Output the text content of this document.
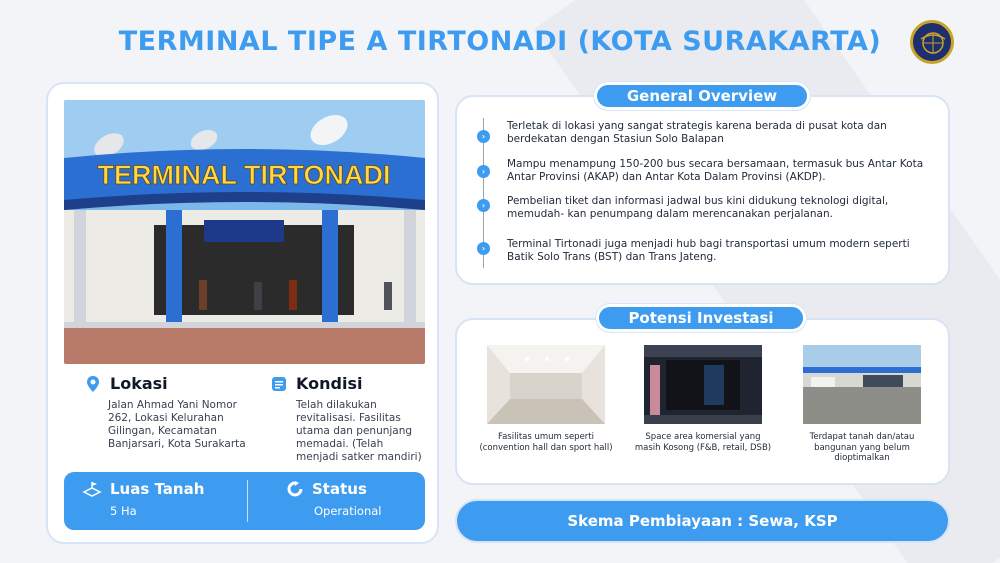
TERMINAL TIPE A TIRTONADI (KOTA SURAKARTA)
TERMINAL TIRTONADI
Lokasi
Jalan Ahmad Yani Nomor
262, Lokasi Kelurahan
Gilingan, Kecamatan
Banjarsari, Kota Surakarta
Kondisi
Telah dilakukan
revitalisasi. Fasilitas
utama dan penunjang
memadai. (Telah
menjadi satker mandiri)
Luas Tanah
5 Ha
Status
Operational
General Overview
›
Terletak di lokasi yang sangat strategis karena berada di pusat kota dan
berdekatan dengan Stasiun Solo Balapan
›
Mampu menampung 150-200 bus secara bersamaan, termasuk bus Antar Kota
Antar Provinsi (AKAP) dan Antar Kota Dalam Provinsi (AKDP).
›	Pembelian tiket dan informasi jadwal bus kini didukung teknologi digital,
memudah- kan penumpang dalam merencanakan perjalanan.
›	Terminal Tirtonadi juga menjadi hub bagi transportasi umum modern seperti
Batik Solo Trans (BST) dan Trans Jateng.
Potensi Investasi
Fasilitas umum seperti
(convention hall dan sport hall)
Space area komersial yang
masih Kosong (F&B, retail, DSB)
Terdapat tanah dan/atau
bangunan yang belum
dioptimalkan
Skema Pembiayaan : Sewa, KSP
